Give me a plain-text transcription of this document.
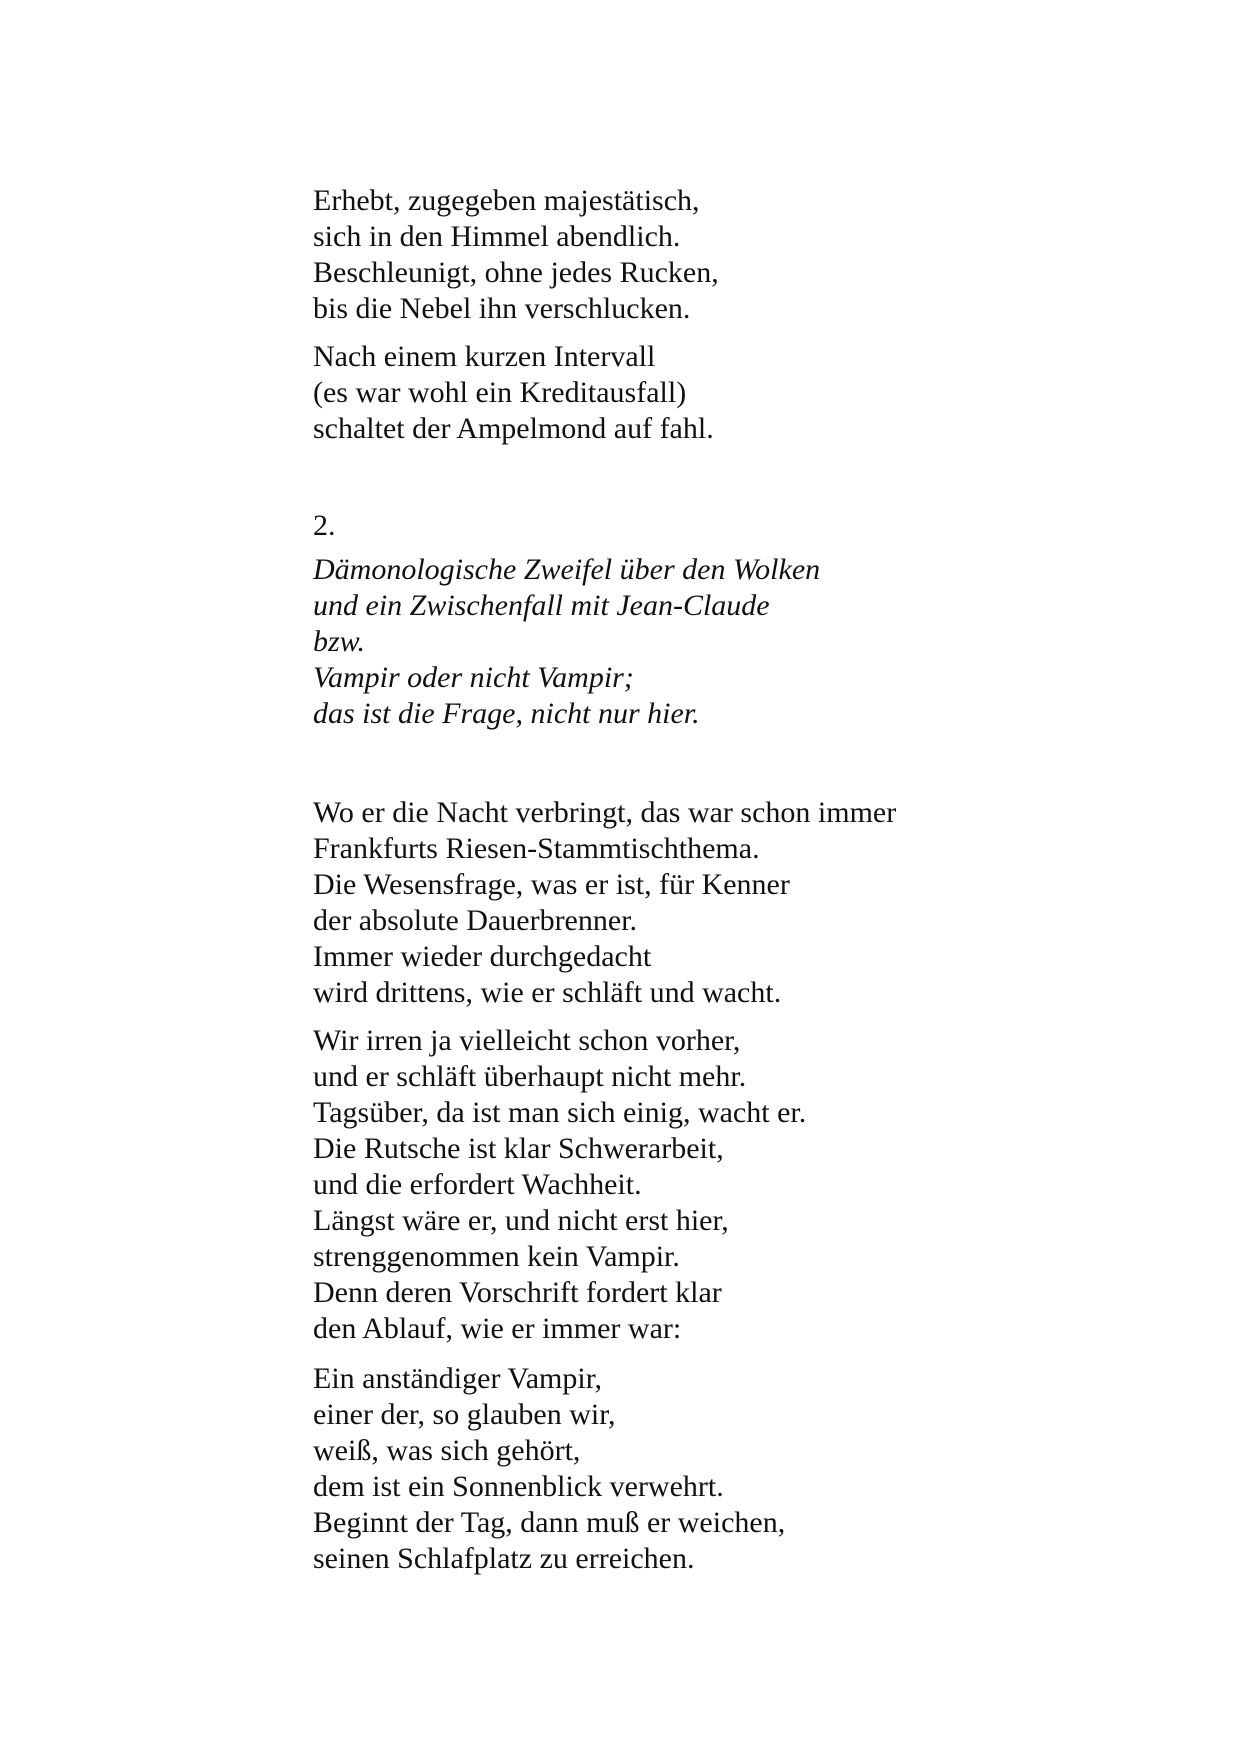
Erhebt, zugegeben majestätisch,
sich in den Himmel abendlich.
Beschleunigt, ohne jedes Rucken,
bis die Nebel ihn verschlucken.
Nach einem kurzen Intervall
(es war wohl ein Kreditausfall)
schaltet der Ampelmond auf fahl.
2.
Dämonologische Zweifel über den Wolken
und ein Zwischenfall mit Jean-Claude
bzw.
Vampir oder nicht Vampir;
das ist die Frage, nicht nur hier.
Wo er die Nacht verbringt, das war schon immer
Frankfurts Riesen-Stammtischthema.
Die Wesensfrage, was er ist, für Kenner
der absolute Dauerbrenner.
Immer wieder durchgedacht
wird drittens, wie er schläft und wacht.
Wir irren ja vielleicht schon vorher,
und er schläft überhaupt nicht mehr.
Tagsüber, da ist man sich einig, wacht er.
Die Rutsche ist klar Schwerarbeit,
und die erfordert Wachheit.
Längst wäre er, und nicht erst hier,
strenggenommen kein Vampir.
Denn deren Vorschrift fordert klar
den Ablauf, wie er immer war:
Ein anständiger Vampir,
einer der, so glauben wir,
weiß, was sich gehört,
dem ist ein Sonnenblick verwehrt.
Beginnt der Tag, dann muß er weichen,
seinen Schlafplatz zu erreichen.
